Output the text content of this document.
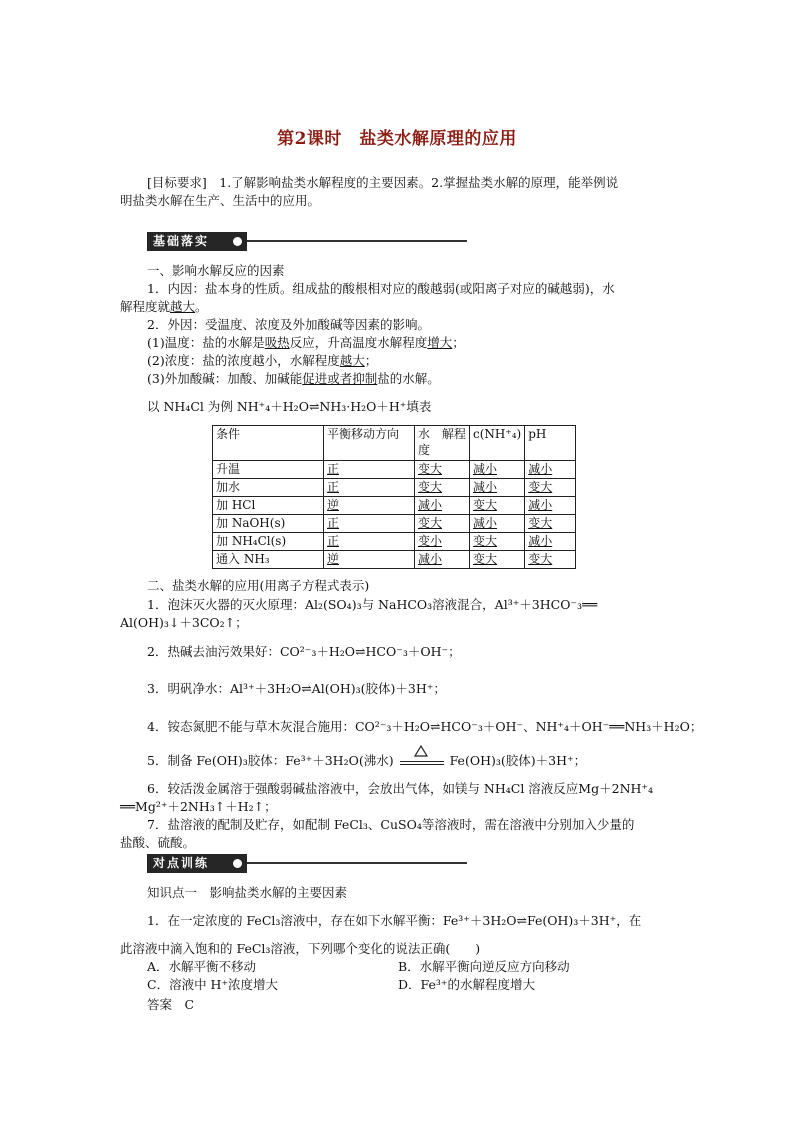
第2课时　盐类水解原理的应用
[目标要求]　1.了解影响盐类水解程度的主要因素。2.掌握盐类水解的原理，能举例说
明盐类水解在生产、生活中的应用。
基础落实
一、影响水解反应的因素
1．内因：盐本身的性质。组成盐的酸根相对应的酸越弱(或阳离子对应的碱越弱)，水
解程度就越大。
2．外因：受温度、浓度及外加酸碱等因素的影响。
(1)温度：盐的水解是吸热反应，升高温度水解程度增大；
(2)浓度：盐的浓度越小，水解程度越大；
(3)外加酸碱：加酸、加碱能促进或者抑制盐的水解。
以 NH₄Cl 为例 NH⁺₄＋H₂O⇌NH₃·H₂O＋H⁺填表
条件	平衡移动方向	水　解程度	c(NH⁺₄)	pH
升温	正	变大	减小	减小
加水	正	变大	减小	变大
加 HCl	逆	减小	变大	减小
加 NaOH(s)	正	变大	减小	变大
加 NH₄Cl(s)	正	变小	变大	减小
通入 NH₃	逆	减小	变大	变大
二、盐类水解的应用(用离子方程式表示)
1．泡沫灭火器的灭火原理：Al₂(SO₄)₃与 NaHCO₃溶液混合，Al³⁺＋3HCO⁻₃══
Al(OH)₃↓＋3CO₂↑；
2．热碱去油污效果好：CO²⁻₃＋H₂O⇌HCO⁻₃＋OH⁻；
3．明矾净水：Al³⁺＋3H₂O⇌Al(OH)₃(胶体)＋3H⁺；
4．铵态氮肥不能与草木灰混合施用：CO²⁻₃＋H₂O⇌HCO⁻₃＋OH⁻、NH⁺₄＋OH⁻══NH₃＋H₂O；
5．制备 Fe(OH)₃胶体：Fe³⁺＋3H₂O(沸水)	Fe(OH)₃(胶体)＋3H⁺；
6．较活泼金属溶于强酸弱碱盐溶液中，会放出气体，如镁与 NH₄Cl 溶液反应Mg＋2NH⁺₄
══Mg²⁺＋2NH₃↑＋H₂↑；
7．盐溶液的配制及贮存，如配制 FeCl₃、CuSO₄等溶液时，需在溶液中分别加入少量的
盐酸、硫酸。
对点训练
知识点一　影响盐类水解的主要因素
1．在一定浓度的 FeCl₃溶液中，存在如下水解平衡：Fe³⁺＋3H₂O⇌Fe(OH)₃＋3H⁺，在
此溶液中滴入饱和的 FeCl₃溶液，下列哪个变化的说法正确(　　)
A．水解平衡不移动	B．水解平衡向逆反应方向移动
C．溶液中 H⁺浓度增大	D．Fe³⁺的水解程度增大
答案　C
